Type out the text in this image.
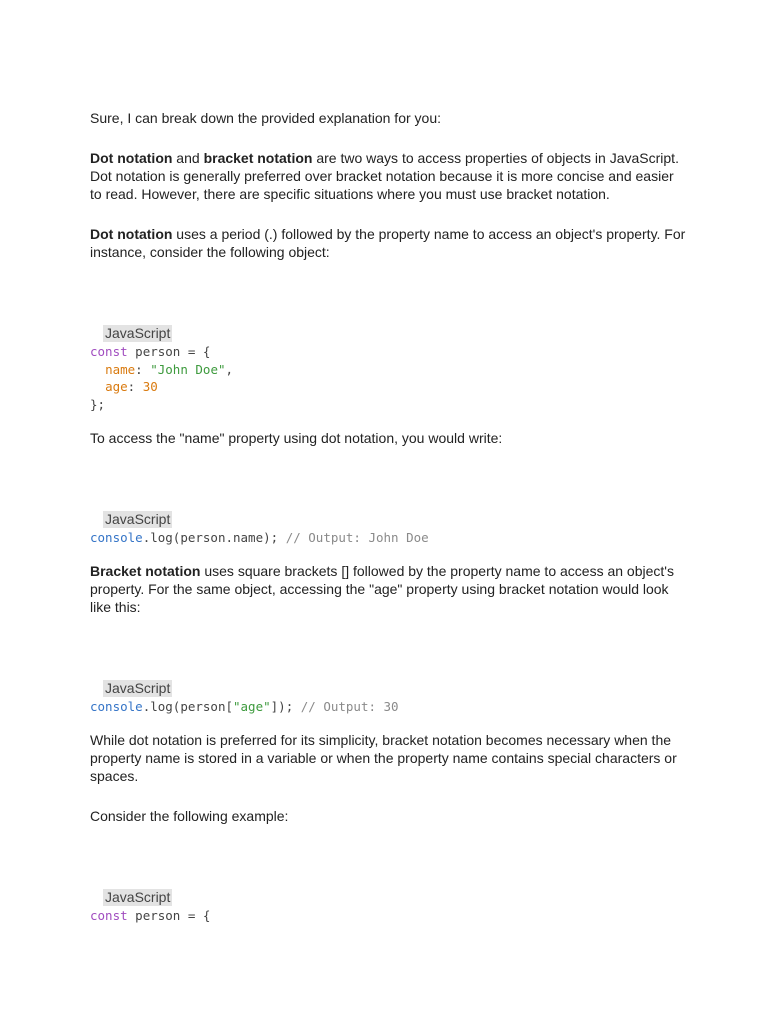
Sure, I can break down the provided explanation for you:

Dot notation and bracket notation are two ways to access properties of objects in JavaScript. Dot notation is generally preferred over bracket notation because it is more concise and easier to read. However, there are specific situations where you must use bracket notation.

Dot notation uses a period (.) followed by the property name to access an object's property. For instance, consider the following object:

JavaScript
const person = {
name: "John Doe",
age: 30
};

To access the "name" property using dot notation, you would write:

JavaScript
console.log(person.name); // Output: John Doe

Bracket notation uses square brackets [] followed by the property name to access an object's property. For the same object, accessing the "age" property using bracket notation would look like this:

JavaScript
console.log(person["age"]); // Output: 30

While dot notation is preferred for its simplicity, bracket notation becomes necessary when the property name is stored in a variable or when the property name contains special characters or spaces.

Consider the following example:

JavaScript
const person = {
